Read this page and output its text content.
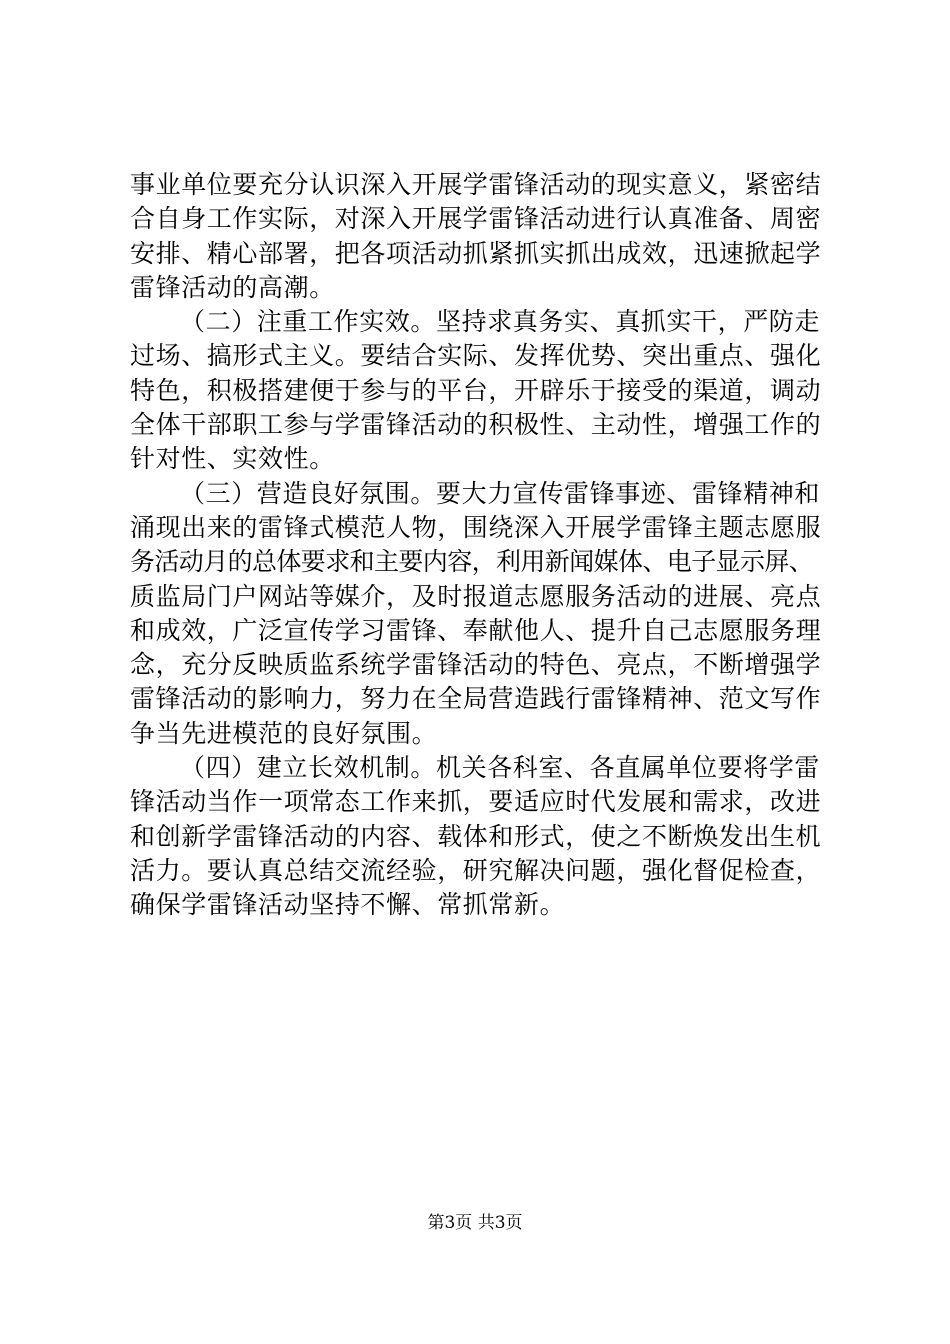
事业单位要充分认识深入开展学雷锋活动的现实意义，紧密结
合自身工作实际，对深入开展学雷锋活动进行认真准备、周密
安排、精心部署，把各项活动抓紧抓实抓出成效，迅速掀起学
雷锋活动的高潮。
（二）注重工作实效。坚持求真务实、真抓实干，严防走
过场、搞形式主义。要结合实际、发挥优势、突出重点、强化
特色，积极搭建便于参与的平台，开辟乐于接受的渠道，调动
全体干部职工参与学雷锋活动的积极性、主动性，增强工作的
针对性、实效性。
（三）营造良好氛围。要大力宣传雷锋事迹、雷锋精神和
涌现出来的雷锋式模范人物，围绕深入开展学雷锋主题志愿服
务活动月的总体要求和主要内容，利用新闻媒体、电子显示屏、
质监局门户网站等媒介，及时报道志愿服务活动的进展、亮点
和成效，广泛宣传学习雷锋、奉献他人、提升自己志愿服务理
念，充分反映质监系统学雷锋活动的特色、亮点，不断增强学
雷锋活动的影响力，努力在全局营造践行雷锋精神、范文写作
争当先进模范的良好氛围。
（四）建立长效机制。机关各科室、各直属单位要将学雷
锋活动当作一项常态工作来抓，要适应时代发展和需求，改进
和创新学雷锋活动的内容、载体和形式，使之不断焕发出生机
活力。要认真总结交流经验，研究解决问题，强化督促检查，
确保学雷锋活动坚持不懈、常抓常新。
第3页 共3页
